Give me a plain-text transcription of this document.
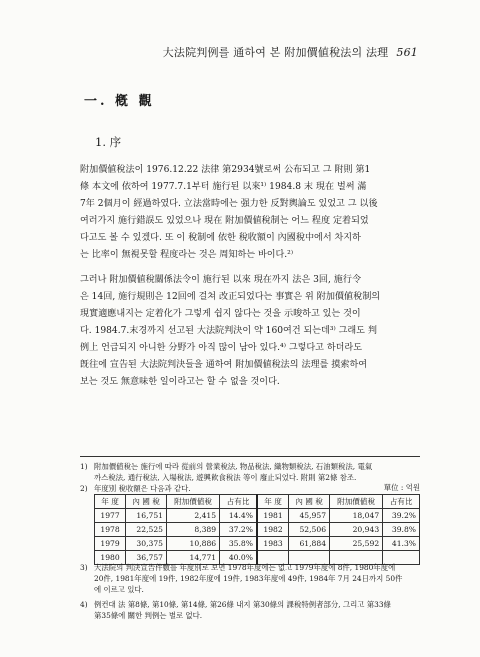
大法院判例를 通하여 본 附加價値稅法의 法理 561
一. 槪 觀
1. 序
附加價値稅法이 1976.12.22 法律 第2934號로써 公布되고 그 附則 第1
條 本文에 依하여 1977.7.1부터 施行된 以來¹⁾ 1984.8 末 現在 벌써 滿
7年 2個月이 經過하였다. 立法當時에는 强力한 反對輿論도 있었고 그 以後
여러가지 施行錯誤도 있었으나 現在 附加價値稅制는 어느 程度 定着되었
다고도 볼 수 있겠다. 또 이 稅制에 依한 稅收額이 內國稅中에서 차지하
는 比率이 無視못할 程度라는 것은 周知하는 바이다.²⁾
그러나 附加價値稅關係法令이 施行된 以來 現在까지 法은 3回, 施行令
은 14回, 施行規則은 12回에 걸쳐 改正되었다는 事實은 위 附加價値稅制의
現實適應내지는 定着化가 그렇게 쉽지 않다는 것을 示唆하고 있는 것이
다. 1984.7.末경까지 선고된 大法院判決이 약 160여건 되는데³⁾ 그래도 判
例上 언급되지 아니한 分野가 아직 많이 남아 있다.⁴⁾ 그렇다고 하더라도
旣往에 宣告된 大法院判決들을 通하여 附加價値稅法의 法理를 摸索하여
보는 것도 無意味한 일이라고는 할 수 없을 것이다.
1) 附加價値稅는 施行에 따라 從前의 營業稅法, 物品稅法, 織物類稅法, 石油類稅法, 電氣
까스稅法, 通行稅法, 入場稅法, 遊興飮食稅法 等이 廢止되었다. 附則 第2條 참조.
2) 年度別 稅收額은 다음과 같다.	單位 : 억원
年 度	內 國 稅	附加價値稅	占有比	年 度	內 國 稅	附加價値稅	占有比
1977	16,751	2,415	14.4%	1981	45,957	18,047	39.2%
1978	22,525	8,389	37.2%	1982	52,506	20,943	39.8%
1979	30,375	10,886	35.8%	1983	61,884	25,592	41.3%
1980	36,757	14,771	40.0%				
3) 大法院의 判決宣告件數를 年度別로 보면 1978年度에는 없고 1979年度에 8件, 1980年度에
20件, 1981年度에 19件, 1982年度에 19件, 1983年度에 49件, 1984年 7月 24日까지 50件
에 이르고 있다.
4) 例컨대 法 第8條, 第10條, 第14條, 第26條 내지 第30條의 課稅特例者部分, 그리고 第33條
第35條에 關한 判例는 별로 없다.
